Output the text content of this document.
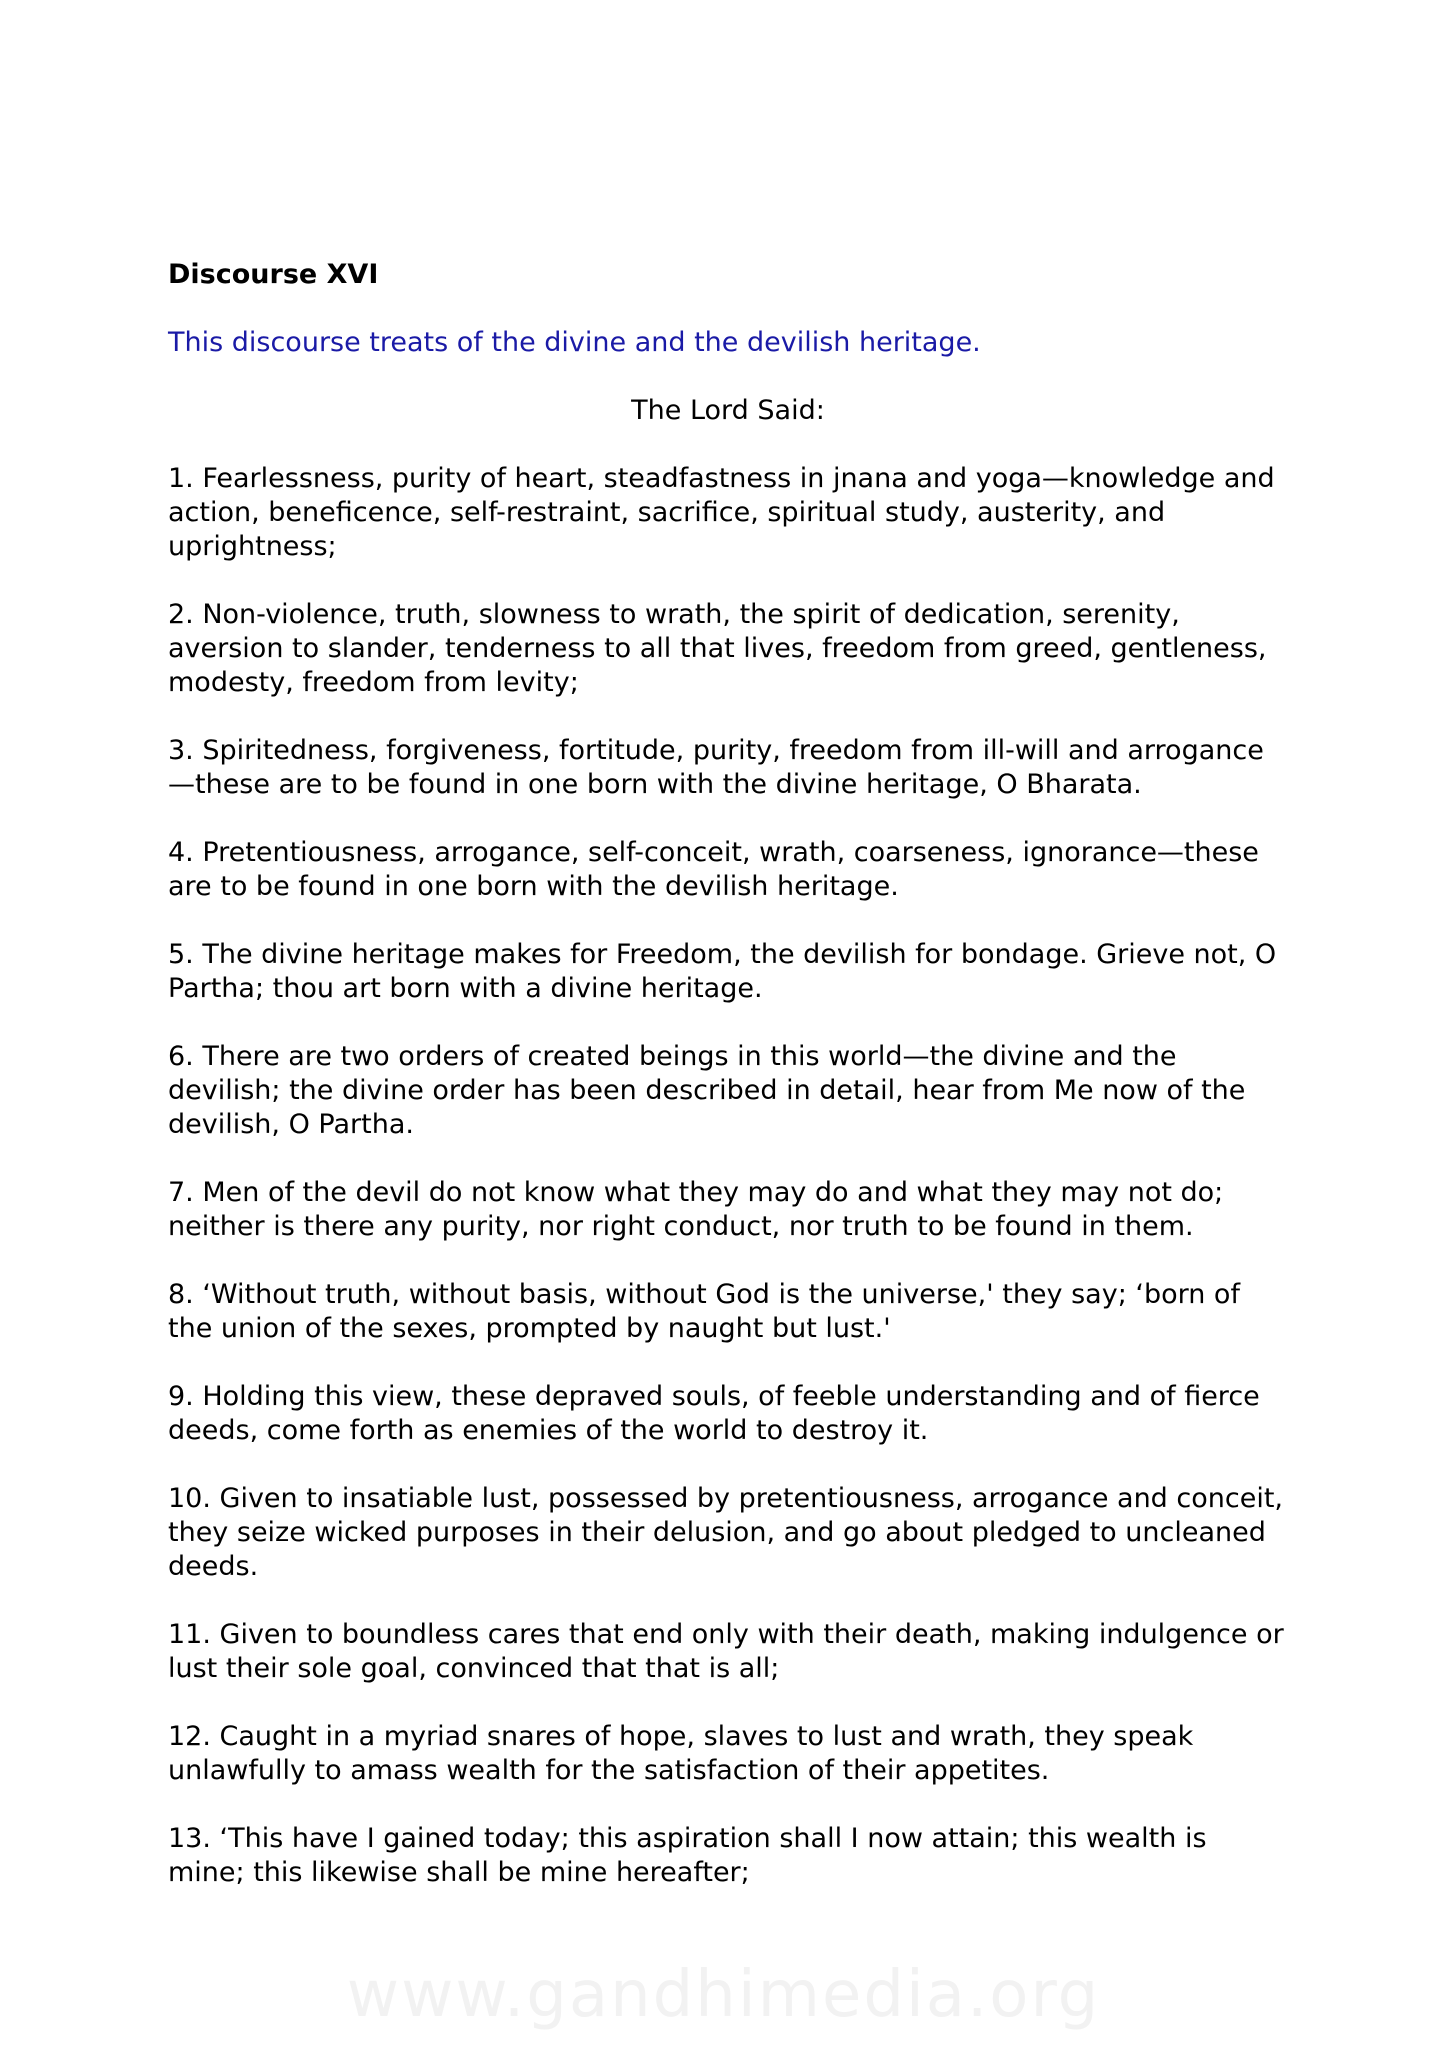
Discourse XVI
This discourse treats of the divine and the devilish heritage.
The Lord Said:
1. Fearlessness, purity of heart, steadfastness in jnana and yoga—knowledge and action, beneficence, self-restraint, sacrifice, spiritual study, austerity, and uprightness;
2. Non-violence, truth, slowness to wrath, the spirit of dedication, serenity, aversion to slander, tenderness to all that lives, freedom from greed, gentleness, modesty, freedom from levity;
3. Spiritedness, forgiveness, fortitude, purity, freedom from ill-will and arrogance—these are to be found in one born with the divine heritage, O Bharata.
4. Pretentiousness, arrogance, self-conceit, wrath, coarseness, ignorance—these are to be found in one born with the devilish heritage.
5. The divine heritage makes for Freedom, the devilish for bondage. Grieve not, O Partha; thou art born with a divine heritage.
6. There are two orders of created beings in this world—the divine and the devilish; the divine order has been described in detail, hear from Me now of the devilish, O Partha.
7. Men of the devil do not know what they may do and what they may not do; neither is there any purity, nor right conduct, nor truth to be found in them.
8. ‘Without truth, without basis, without God is the universe,' they say; ‘born of the union of the sexes, prompted by naught but lust.'
9. Holding this view, these depraved souls, of feeble understanding and of fierce deeds, come forth as enemies of the world to destroy it.
10. Given to insatiable lust, possessed by pretentiousness, arrogance and conceit, they seize wicked purposes in their delusion, and go about pledged to uncleaned deeds.
11. Given to boundless cares that end only with their death, making indulgence or lust their sole goal, convinced that that is all;
12. Caught in a myriad snares of hope, slaves to lust and wrath, they speak unlawfully to amass wealth for the satisfaction of their appetites.
13. ‘This have I gained today; this aspiration shall I now attain; this wealth is mine; this likewise shall be mine hereafter;
www.gandhimedia.org
